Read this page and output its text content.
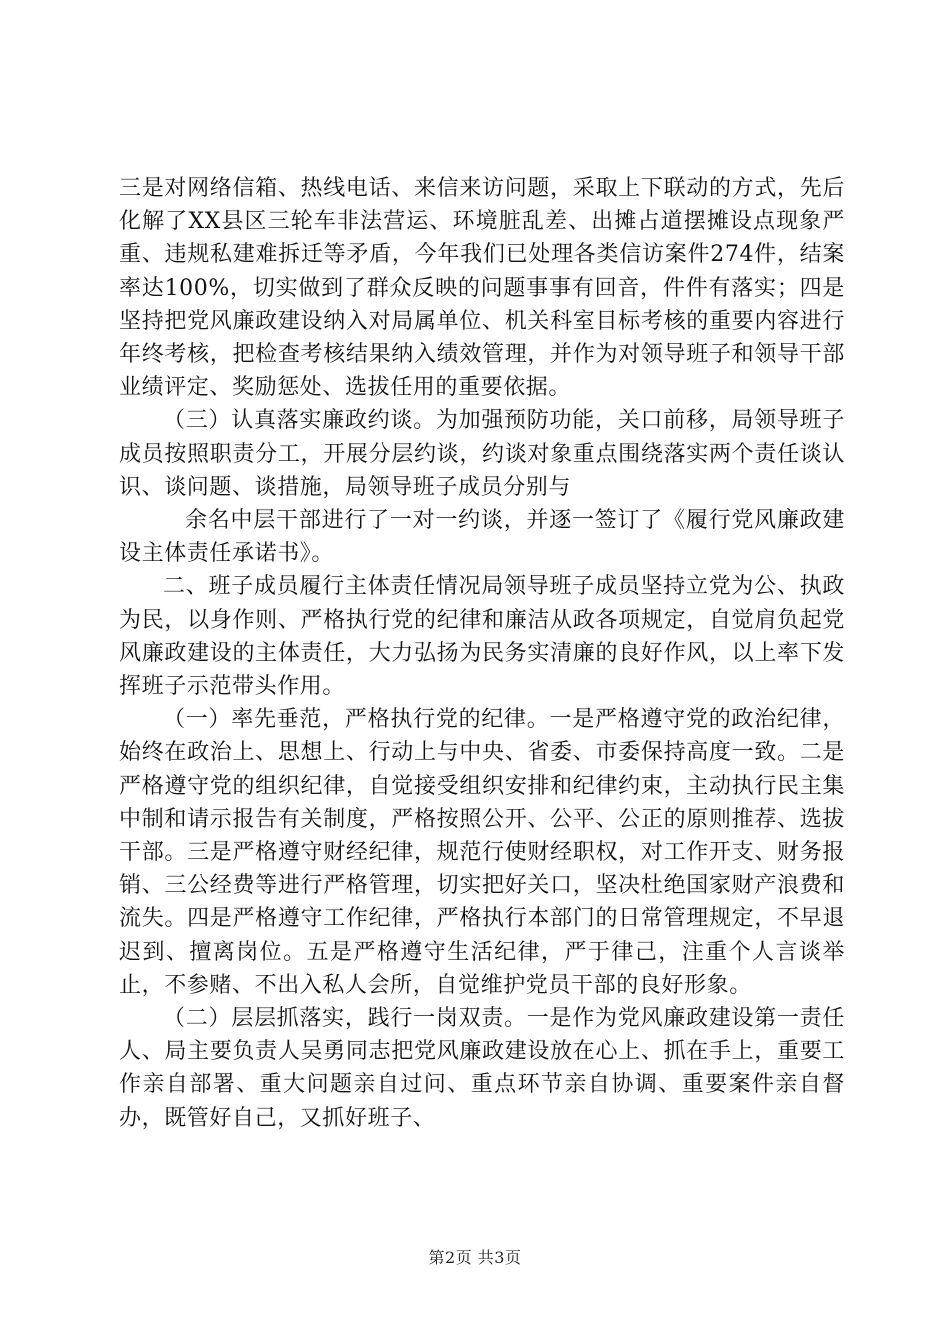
三是对网络信箱、热线电话、来信来访问题，采取上下联动的方式，先后化解了XX县区三轮车非法营运、环境脏乱差、出摊占道摆摊设点现象严重、违规私建难拆迁等矛盾，今年我们已处理各类信访案件274件，结案率达100%，切实做到了群众反映的问题事事有回音，件件有落实；四是坚持把党风廉政建设纳入对局属单位、机关科室目标考核的重要内容进行年终考核，把检查考核结果纳入绩效管理，并作为对领导班子和领导干部业绩评定、奖励惩处、选拔任用的重要依据。

（三）认真落实廉政约谈。为加强预防功能，关口前移，局领导班子成员按照职责分工，开展分层约谈，约谈对象重点围绕落实两个责任谈认识、谈问题、谈措施，局领导班子成员分别与

余名中层干部进行了一对一约谈，并逐一签订了《履行党风廉政建设主体责任承诺书》。

二、班子成员履行主体责任情况局领导班子成员坚持立党为公、执政为民，以身作则、严格执行党的纪律和廉洁从政各项规定，自觉肩负起党风廉政建设的主体责任，大力弘扬为民务实清廉的良好作风，以上率下发挥班子示范带头作用。

（一）率先垂范，严格执行党的纪律。一是严格遵守党的政治纪律，始终在政治上、思想上、行动上与中央、省委、市委保持高度一致。二是严格遵守党的组织纪律，自觉接受组织安排和纪律约束，主动执行民主集中制和请示报告有关制度，严格按照公开、公平、公正的原则推荐、选拔干部。三是严格遵守财经纪律，规范行使财经职权，对工作开支、财务报销、三公经费等进行严格管理，切实把好关口，坚决杜绝国家财产浪费和流失。四是严格遵守工作纪律，严格执行本部门的日常管理规定，不早退迟到、擅离岗位。五是严格遵守生活纪律，严于律己，注重个人言谈举止，不参赌、不出入私人会所，自觉维护党员干部的良好形象。

（二）层层抓落实，践行一岗双责。一是作为党风廉政建设第一责任人、局主要负责人吴勇同志把党风廉政建设放在心上、抓在手上，重要工作亲自部署、重大问题亲自过问、重点环节亲自协调、重要案件亲自督办，既管好自己，又抓好班子、

第2页 共3页
